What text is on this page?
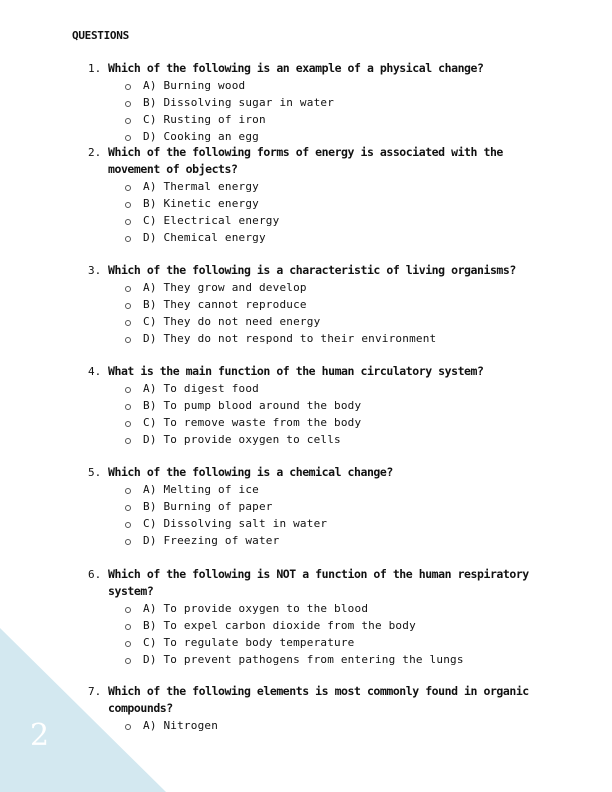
2
QUESTIONS
1. Which of the following is an example of a physical change?
A) Burning wood
B) Dissolving sugar in water
C) Rusting of iron
D) Cooking an egg
2. Which of the following forms of energy is associated with the
movement of objects?
A) Thermal energy
B) Kinetic energy
C) Electrical energy
D) Chemical energy
3. Which of the following is a characteristic of living organisms?
A) They grow and develop
B) They cannot reproduce
C) They do not need energy
D) They do not respond to their environment
4. What is the main function of the human circulatory system?
A) To digest food
B) To pump blood around the body
C) To remove waste from the body
D) To provide oxygen to cells
5. Which of the following is a chemical change?
A) Melting of ice
B) Burning of paper
C) Dissolving salt in water
D) Freezing of water
6. Which of the following is NOT a function of the human respiratory
system?
A) To provide oxygen to the blood
B) To expel carbon dioxide from the body
C) To regulate body temperature
D) To prevent pathogens from entering the lungs
7. Which of the following elements is most commonly found in organic
compounds?
A) Nitrogen
